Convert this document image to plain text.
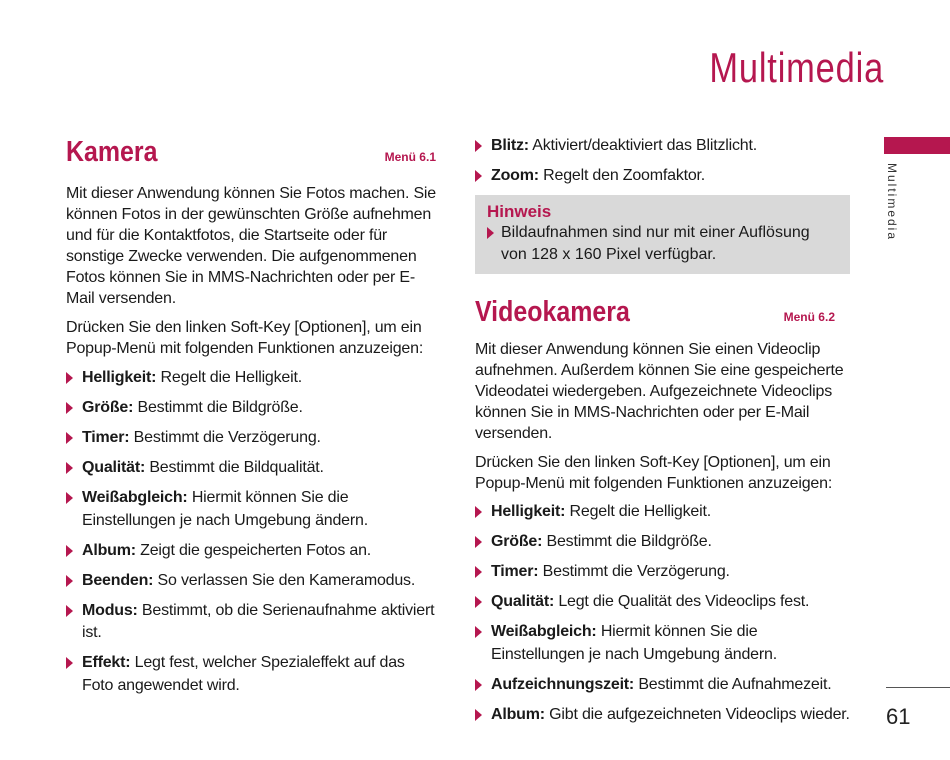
Multimedia
Multimedia
61
Kamera	Menü 6.1

Mit dieser Anwendung können Sie Fotos machen. Sie können Fotos in der gewünschten Größe aufnehmen und für die Kontaktfotos, die Startseite oder für sonstige Zwecke verwenden. Die aufgenommenen Fotos können Sie in MMS-Nachrichten oder per E-Mail versenden.

Drücken Sie den linken Soft-Key [Optionen], um ein Popup-Menü mit folgenden Funktionen anzuzeigen:

Helligkeit: Regelt die Helligkeit.
Größe: Bestimmt die Bildgröße.
Timer: Bestimmt die Verzögerung.
Qualität: Bestimmt die Bildqualität.
Weißabgleich: Hiermit können Sie die Einstellungen je nach Umgebung ändern.
Album: Zeigt die gespeicherten Fotos an.
Beenden: So verlassen Sie den Kameramodus.
Modus: Bestimmt, ob die Serienaufnahme aktiviert ist.
Effekt: Legt fest, welcher Spezialeffekt auf das Foto angewendet wird.
Blitz: Aktiviert/deaktiviert das Blitzlicht.
Zoom: Regelt den Zoomfaktor.
Hinweis
Bildaufnahmen sind nur mit einer Auflösung von 128 x 160 Pixel verfügbar.
Videokamera	Menü 6.2

Mit dieser Anwendung können Sie einen Videoclip aufnehmen. Außerdem können Sie eine gespeicherte Videodatei wiedergeben. Aufgezeichnete Videoclips können Sie in MMS-Nachrichten oder per E-Mail versenden.

Drücken Sie den linken Soft-Key [Optionen], um ein Popup-Menü mit folgenden Funktionen anzuzeigen:

Helligkeit: Regelt die Helligkeit.
Größe: Bestimmt die Bildgröße.
Timer: Bestimmt die Verzögerung.
Qualität: Legt die Qualität des Videoclips fest.
Weißabgleich: Hiermit können Sie die Einstellungen je nach Umgebung ändern.
Aufzeichnungszeit: Bestimmt die Aufnahmezeit.
Album: Gibt die aufgezeichneten Videoclips wieder.
